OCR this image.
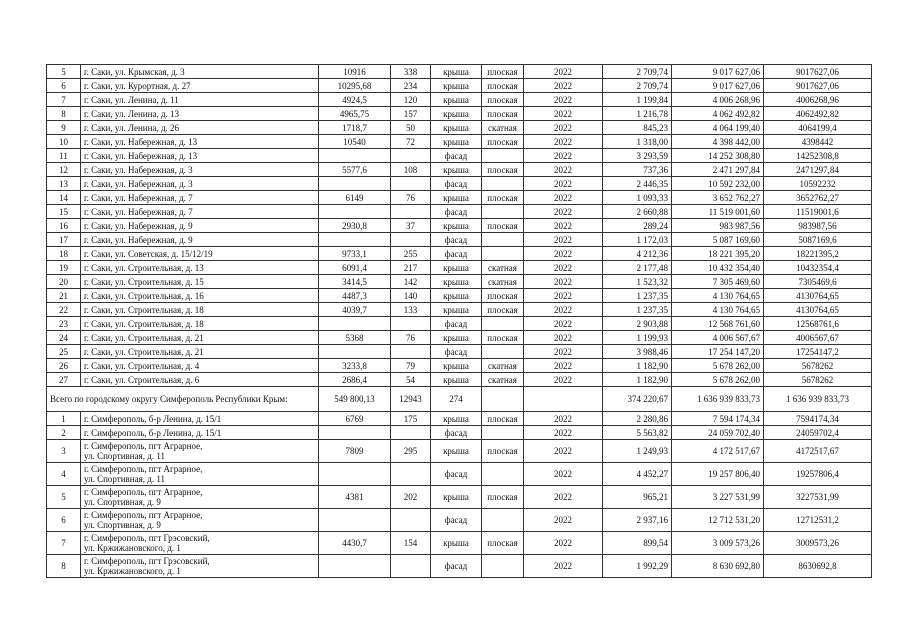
5	г. Саки, ул. Крымская, д. 3	10916	338	крыша	плоская	2022	2 709,74	9 017 627,06	9017627,06
6	г. Саки, ул. Курортная, д. 27	10295,68	234	крыша	плоская	2022	2 709,74	9 017 627,06	9017627,06
7	г. Саки, ул. Ленина, д. 11	4924,5	120	крыша	плоская	2022	1 199,84	4 006 268,96	4006268,96
8	г. Саки, ул. Ленина, д. 13	4965,75	157	крыша	плоская	2022	1 216,78	4 062 492,82	4062492,82
9	г. Саки, ул. Ленина, д. 26	1718,7	50	крыша	скатная	2022	845,23	4 064 199,40	4064199,4
10	г. Саки, ул. Набережная, д. 13	10540	72	крыша	плоская	2022	1 318,00	4 398 442,00	4398442
11	г. Саки, ул. Набережная, д. 13			фасад		2022	3 293,59	14 252 308,80	14252308,8
12	г. Саки, ул. Набережная, д. 3	5577,6	108	крыша	плоская	2022	737,36	2 471 297,84	2471297,84
13	г. Саки, ул. Набережная, д. 3			фасад		2022	2 446,35	10 592 232,00	10592232
14	г. Саки, ул. Набережная, д. 7	6149	76	крыша	плоская	2022	1 093,33	3 652 762,27	3652762,27
15	г. Саки, ул. Набережная, д. 7			фасад		2022	2 660,88	11 519 001,60	11519001,6
16	г. Саки, ул. Набережная, д. 9	2930,8	37	крыша	плоская	2022	289,24	983 987,56	983987,56
17	г. Саки, ул. Набережная, д. 9			фасад		2022	1 172,03	5 087 169,60	5087169,6
18	г. Саки, ул. Советская, д. 15/12/19	9733,1	255	фасад		2022	4 212,36	18 221 395,20	18221395,2
19	г. Саки, ул. Строительная, д. 13	6091,4	217	крыша	скатная	2022	2 177,48	10 432 354,40	10432354,4
20	г. Саки, ул. Строительная, д. 15	3414,5	142	крыша	скатная	2022	1 523,32	7 305 469,60	7305469,6
21	г. Саки, ул. Строительная, д. 16	4487,3	140	крыша	плоская	2022	1 237,35	4 130 764,65	4130764,65
22	г. Саки, ул. Строительная, д. 18	4039,7	133	крыша	плоская	2022	1 237,35	4 130 764,65	4130764,65
23	г. Саки, ул. Строительная, д. 18			фасад		2022	2 903,88	12 568 761,60	12568761,6
24	г. Саки, ул. Строительная, д. 21	5368	76	крыша	плоская	2022	1 199,93	4 006 567,67	4006567,67
25	г. Саки, ул. Строительная, д. 21			фасад		2022	3 988,46	17 254 147,20	17254147,2
26	г. Саки, ул. Строительная, д. 4	3233,8	79	крыша	скатная	2022	1 182,90	5 678 262,00	5678262
27	г. Саки, ул. Строительная, д. 6	2686,4	54	крыша	скатная	2022	1 182,90	5 678 262,00	5678262
Всего по городскому округу Симферополь Республики Крым:		549 800,13	12943	274			374 220,67	1 636 939 833,73	1 636 939 833,73
1	г. Симферополь, б-р Ленина, д. 15/1	6769	175	крыша	плоская	2022	2 280,86	7 594 174,34	7594174,34
2	г. Симферополь, б-р Ленина, д. 15/1			фасад		2022	5 563,82	24 059 702,40	24059702,4
3	г. Симферополь, пгт Аграрное,
ул. Спортивная, д. 11	7809	295	крыша	плоская	2022	1 249,93	4 172 517,67	4172517,67
4	г. Симферополь, пгт Аграрное,
ул. Спортивная, д. 11			фасад		2022	4 452,27	19 257 806,40	19257806,4
5	г. Симферополь, пгт Аграрное,
ул. Спортивная, д. 9	4381	202	крыша	плоская	2022	965,21	3 227 531,99	3227531,99
6	г. Симферополь, пгт Аграрное,
ул. Спортивная, д. 9			фасад		2022	2 937,16	12 712 531,20	12712531,2
7	г. Симферополь, пгт Грэсовский,
ул. Кржижановского, д. 1	4430,7	154	крыша	плоская	2022	899,54	3 009 573,26	3009573,26
8	г. Симферополь, пгт Грэсовский,
ул. Кржижановского, д. 1			фасад		2022	1 992,29	8 630 692,80	8630692,8
